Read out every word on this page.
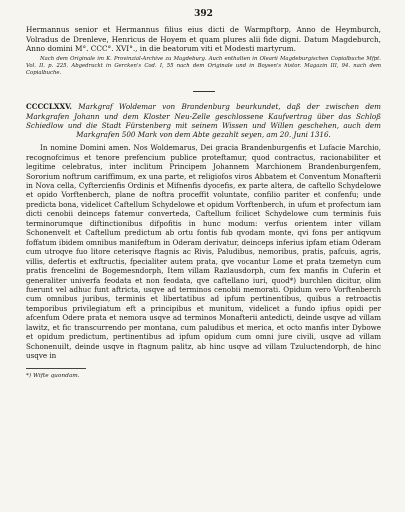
392

Hermannus senior et Hermannus filius eius dicti de Warmpftorp, Anno de Heymburch, Volradus de Drenleve, Henricus de Hoyem et quam plures alii fide digni. Datum Magdeburch, Anno domini M°. CCC°. XVI°., in die beatorum viti et Modesti martyrum.

Nach dem Originale im K. Provinzial-Archive zu Magdeburg. Auch enthalten in Olearii Magdeburgischen Copialbuche Mfpt. Vol. II. p. 225. Abgedruckt in Gercken's Cod. I, 55 nach dem Originale und in Boysen's histor. Magazin III, 94. nach dem Copialbuche.

CCCCLXXV. Markgraf Woldemar von Brandenburg beurkundet, daß der zwischen dem Markgrafen Johann und dem Kloster Neu-Zelle geschlossene Kaufvertrag über das Schloß Schiedlow und die Stadt Fürstenberg mit seinem Wissen und Willen geschehen, auch dem Markgrafen 500 Mark von dem Abte gezahlt seyen, am 20. Juni 1316.

In nomine Domini amen. Nos Woldemarus, Dei gracia Brandenburgenfis et Lufacie Marchio, recognofcimus et tenore prefencium publice proteftamur, quod contractus, racionabiliter et legitime celebratus, inter inclitum Principem Johannem Marchionem Brandenburgenfem, Sororium noftrum cariffimum, ex una parte, et religiofos viros Abbatem et Conventum Monafterii in Nova cella, Cyftercienfis Ordinis et Mifnenfis dyocefis, ex parte altera, de caftello Schydelowe et opido Vorftenberch, plane de noftra proceffit voluntate, confilio pariter et confenfu; unde predicta bona, videlicet Caftellum Schydelowe et opidum Vorftenberch, in ufum et profectum iam dicti cenobii deinceps fatemur converteda, Caftellum fcilicet Schydelowe cum terminis fuis terminorumque diftinctionibus difpofitis in hunc modum: verfus orientem inter villam Schonenvelt et Caftellum predictum ab ortu fontis fub qvodam monte, qvi fons per antiqvum foffatum ibidem omnibus manifeftum in Oderam derivatur, deinceps inferius ipfam etiam Oderam cum utroqve fuo litore ceterisqve ftagnis ac Rivis, Paludibus, nemoribus, pratis, pafcuis, agris, villis, defertis et exftructis, fpecialiter autem prata, qve vocantur Lome et prata tzemetyn cum pratis frencelini de Bogemesndorph, Item villam Razlausdorph, cum fex manfis in Cuferin et generaliter univerfa feodata et non feodata, qve caftellano iuri, quod*) burchlen dicitur, olim fuerunt vel adhuc funt aftricta, usqve ad terminos cenobii memorati. Opidum vero Vorftenberch cum omnibus juribus, terminis et libertatibus ad ipfum pertinentibus, quibus a retroactis temporibus privilegiatum eft a principibus et munitum, videlicet a fundo ipfius opidi per afcenfum Odere prata et nemora usqve ad terminos Monafterii antedicti, deinde usqve ad villam lawitz, et fic transcurrendo per montana, cum paludibus et merica, et octo manfis inter Dybowe et opidum predictum, pertinentibus ad ipfum opidum cum omni jure civili, usqve ad villam Schonenuilt, deinde usqve in ftagnum palitz, ab hinc usqve ad villam Tzuluctendorph, de hinc usqve in

*) Wifte quondam.
